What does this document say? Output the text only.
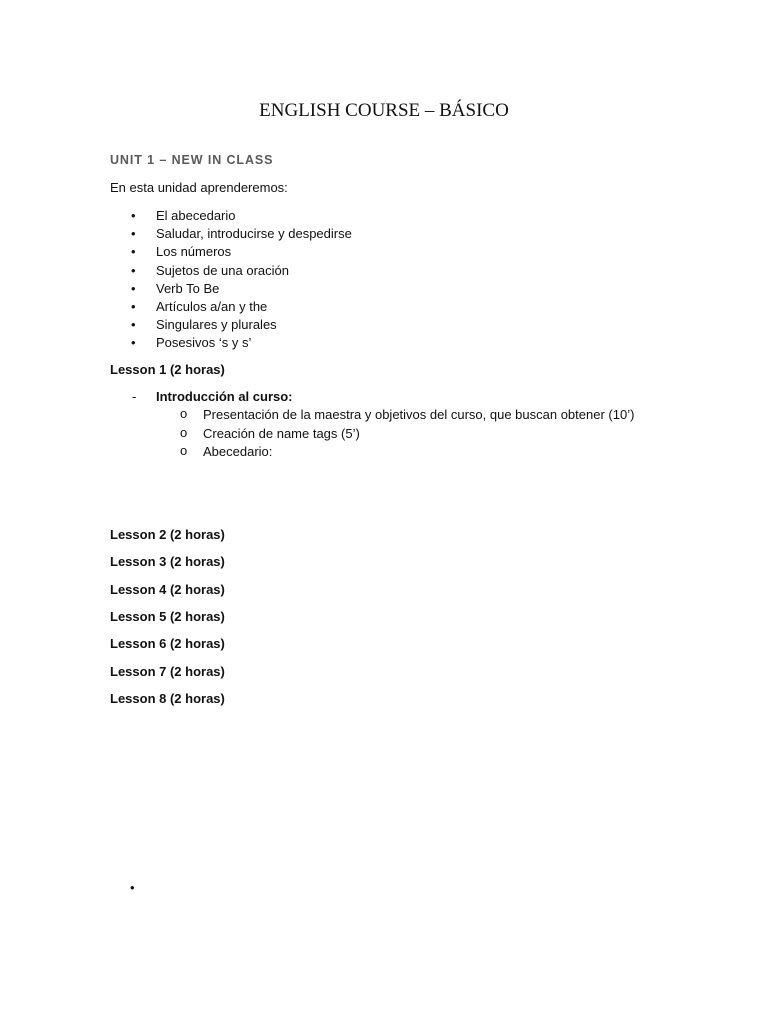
ENGLISH COURSE – BÁSICO
UNIT 1 – NEW IN CLASS

En esta unidad aprenderemos:

• El abecedario
• Saludar, introducirse y despedirse
• Los números
• Sujetos de una oración
• Verb To Be
• Artículos a/an y the
• Singulares y plurales
• Posesivos ‘s y s’

Lesson 1 (2 horas)

- Introducción al curso:
o Presentación de la maestra y objetivos del curso, que buscan obtener (10’)
o Creación de name tags (5’)
o Abecedario:

Lesson 2 (2 horas)

Lesson 3 (2 horas)

Lesson 4 (2 horas)

Lesson 5 (2 horas)

Lesson 6 (2 horas)

Lesson 7 (2 horas)

Lesson 8 (2 horas)

•
